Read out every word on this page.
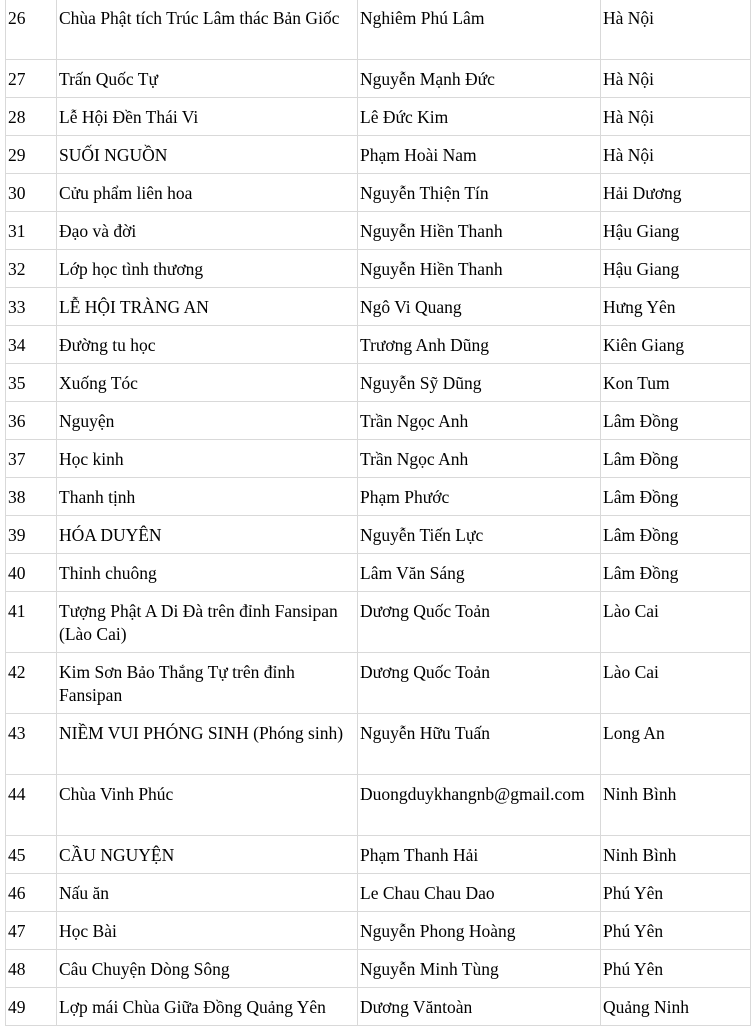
26	Chùa Phật tích Trúc Lâm thác Bản Giốc	Nghiêm Phú Lâm	Hà Nội
27	Trấn Quốc Tự	Nguyễn Mạnh Đức	Hà Nội
28	Lễ Hội Đền Thái Vi	Lê Đức Kim	Hà Nội
29	SUỐI NGUỒN	Phạm Hoài Nam	Hà Nội
30	Cửu phẩm liên hoa	Nguyễn Thiện Tín	Hải Dương
31	Đạo và đời	Nguyễn Hiền Thanh	Hậu Giang
32	Lớp học tình thương	Nguyễn Hiền Thanh	Hậu Giang
33	LỄ HỘI TRÀNG AN	Ngô Vi Quang	Hưng Yên
34	Đường tu học	Trương Anh Dũng	Kiên Giang
35	Xuống Tóc	Nguyễn Sỹ Dũng	Kon Tum
36	Nguyện	Trần Ngọc Anh	Lâm Đồng
37	Học kinh	Trần Ngọc Anh	Lâm Đồng
38	Thanh tịnh	Phạm Phước	Lâm Đồng
39	HÓA DUYÊN	Nguyễn Tiến Lực	Lâm Đồng
40	Thỉnh chuông	Lâm Văn Sáng	Lâm Đồng
41	Tượng Phật A Di Đà trên đỉnh Fansipan (Lào Cai)	Dương Quốc Toản	Lào Cai
42	Kim Sơn Bảo Thắng Tự trên đỉnh Fansipan	Dương Quốc Toản	Lào Cai
43	NIỀM VUI PHÓNG SINH (Phóng sinh)	Nguyễn Hữu Tuấn	Long An
44	Chùa Vinh Phúc	Duongduykhangnb@gmail.com	Ninh Bình
45	CẦU NGUYỆN	Phạm Thanh Hải	Ninh Bình
46	Nấu ăn	Le Chau Chau Dao	Phú Yên
47	Học Bài	Nguyễn Phong Hoàng	Phú Yên
48	Câu Chuyện Dòng Sông	Nguyễn Minh Tùng	Phú Yên
49	Lợp mái Chùa Giữa Đồng Quảng Yên	Dương Văntoàn	Quảng Ninh
